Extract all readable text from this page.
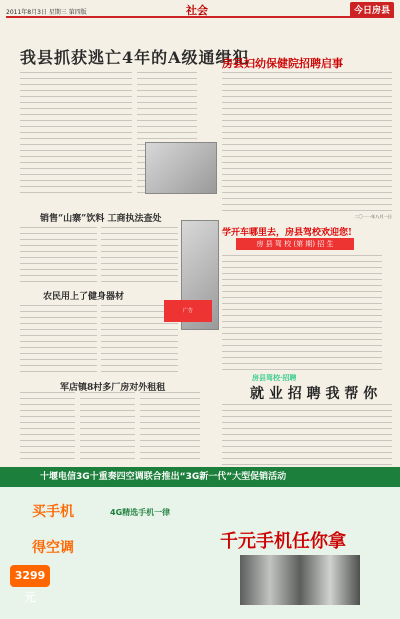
2011年8月3日 星期三 第四版	社会	今日房县
我县抓获逃亡4年的A级通缉犯
销售“山寨”饮料 工商执法查处
农民用上了健身器材
广告
军店镇8村多厂房对外租租
房县妇幼保健院招聘启事
二〇一一年八月一日
学开车哪里去，房县驾校欢迎您!
房 县 驾 校 (第 期) 招 生
房县驾校·招聘
就 业 招 聘 我 帮 你
十堰电信3G十重奏四空调联合推出“3G新一代”大型促销活动
买手机
得空调
4G精选手机一律
千元手机任你拿
3299元
